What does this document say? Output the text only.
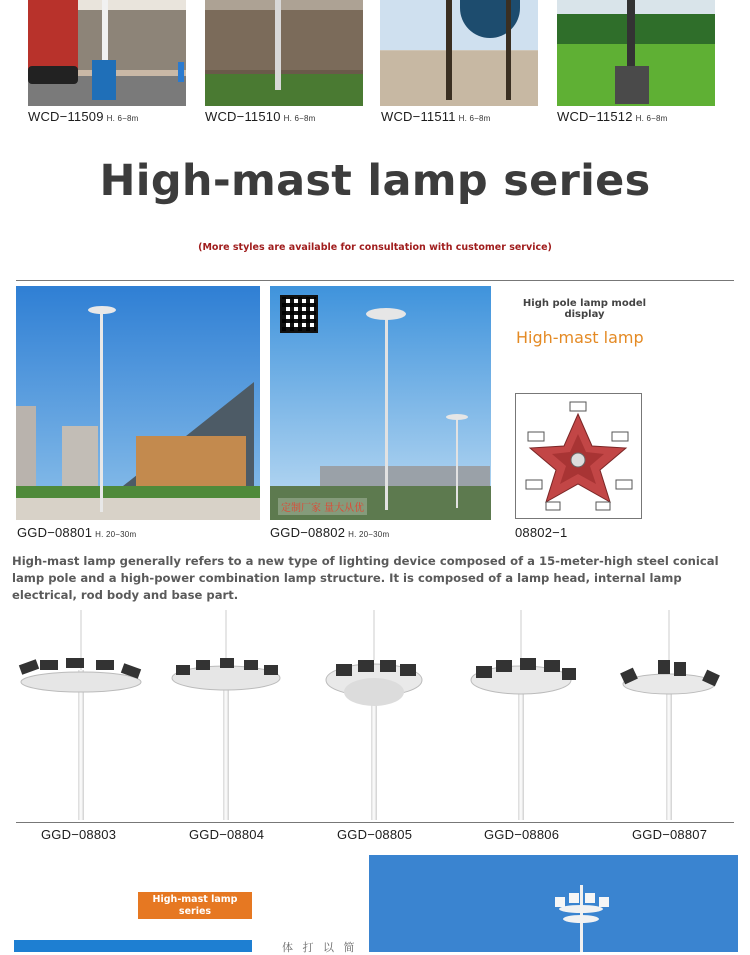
WCD−11509 H. 6−8m	WCD−11510 H. 6−8m	WCD−11511 H. 6−8m	WCD−11512 H. 6−8m
High-mast lamp series
(More styles are available for consultation with customer service)
定制厂家 量大从优
High pole lamp model display
High-mast lamp
GGD−08801 H. 20−30m	GGD−08802 H. 20−30m	08802−1
High-mast lamp generally refers to a new type of lighting device composed of a 15-meter-high steel conical lamp pole and a high-power combination lamp structure. It is composed of a lamp head, internal lamp electrical, rod body and base part.
GGD−08803	GGD−08804	GGD−08805	GGD−08806	GGD−08807
High-mast lamp series
体 打 以 简
